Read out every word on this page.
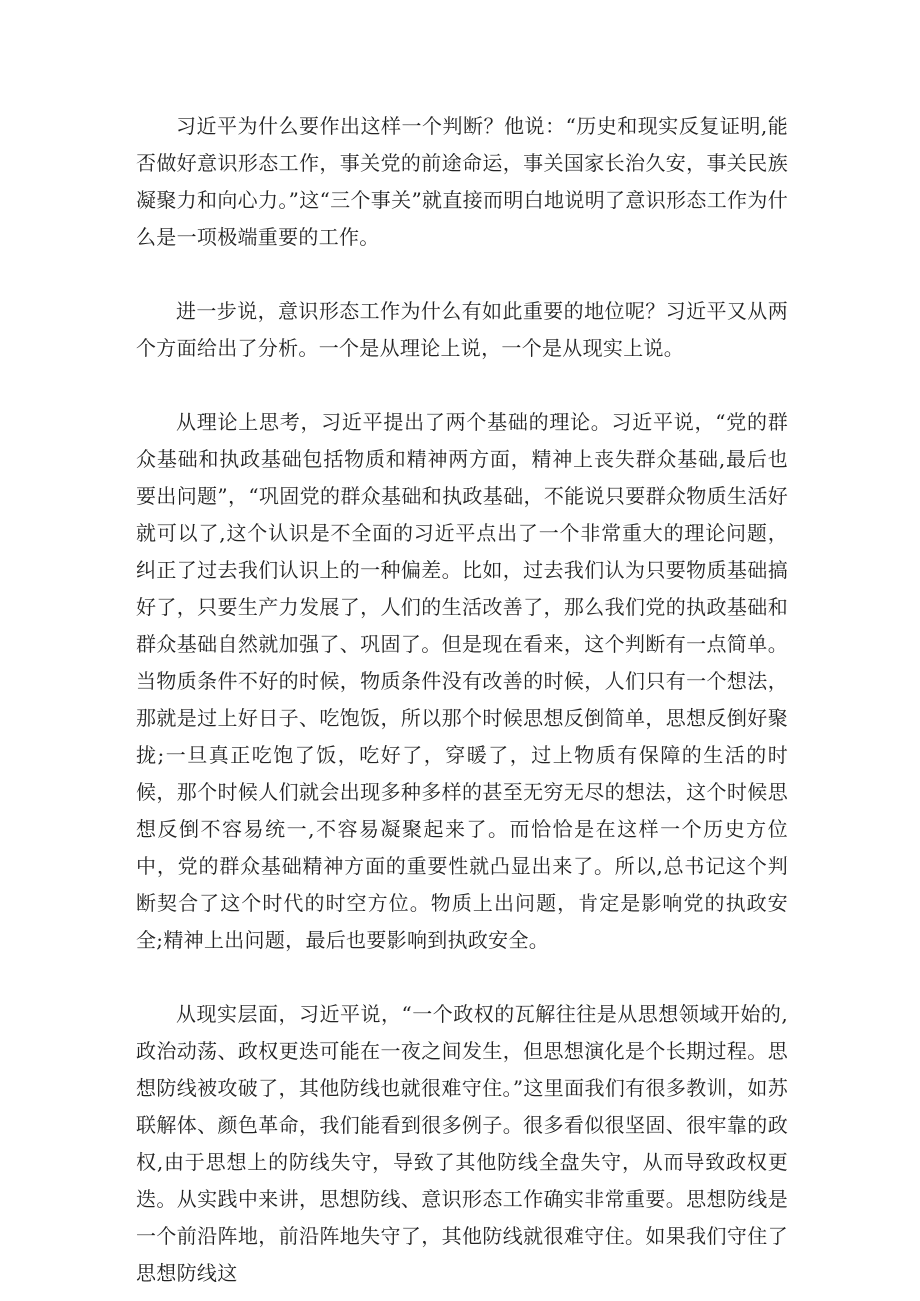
习近平为什么要作出这样一个判断？他说：“历史和现实反复证明,能否做好意识形态工作，事关党的前途命运，事关国家长治久安，事关民族凝聚力和向心力。”这“三个事关”就直接而明白地说明了意识形态工作为什么是一项极端重要的工作。

进一步说，意识形态工作为什么有如此重要的地位呢？习近平又从两个方面给出了分析。一个是从理论上说，一个是从现实上说。

从理论上思考，习近平提出了两个基础的理论。习近平说，“党的群众基础和执政基础包括物质和精神两方面，精神上丧失群众基础,最后也要出问题”，“巩固党的群众基础和执政基础，不能说只要群众物质生活好就可以了,这个认识是不全面的习近平点出了一个非常重大的理论问题，纠正了过去我们认识上的一种偏差。比如，过去我们认为只要物质基础搞好了，只要生产力发展了，人们的生活改善了，那么我们党的执政基础和群众基础自然就加强了、巩固了。但是现在看来，这个判断有一点简单。当物质条件不好的时候，物质条件没有改善的时候，人们只有一个想法，那就是过上好日子、吃饱饭，所以那个时候思想反倒简单，思想反倒好聚拢;一旦真正吃饱了饭，吃好了，穿暖了，过上物质有保障的生活的时候，那个时候人们就会出现多种多样的甚至无穷无尽的想法，这个时候思想反倒不容易统一,不容易凝聚起来了。而恰恰是在这样一个历史方位中，党的群众基础精神方面的重要性就凸显出来了。所以,总书记这个判断契合了这个时代的时空方位。物质上出问题，肯定是影响党的执政安全;精神上出问题，最后也要影响到执政安全。

从现实层面，习近平说，“一个政权的瓦解往往是从思想领域开始的,政治动荡、政权更迭可能在一夜之间发生，但思想演化是个长期过程。思想防线被攻破了，其他防线也就很难守住。”这里面我们有很多教训，如苏联解体、颜色革命，我们能看到很多例子。很多看似很坚固、很牢靠的政权,由于思想上的防线失守，导致了其他防线全盘失守，从而导致政权更迭。从实践中来讲，思想防线、意识形态工作确实非常重要。思想防线是一个前沿阵地，前沿阵地失守了，其他防线就很难守住。如果我们守住了思想防线这
